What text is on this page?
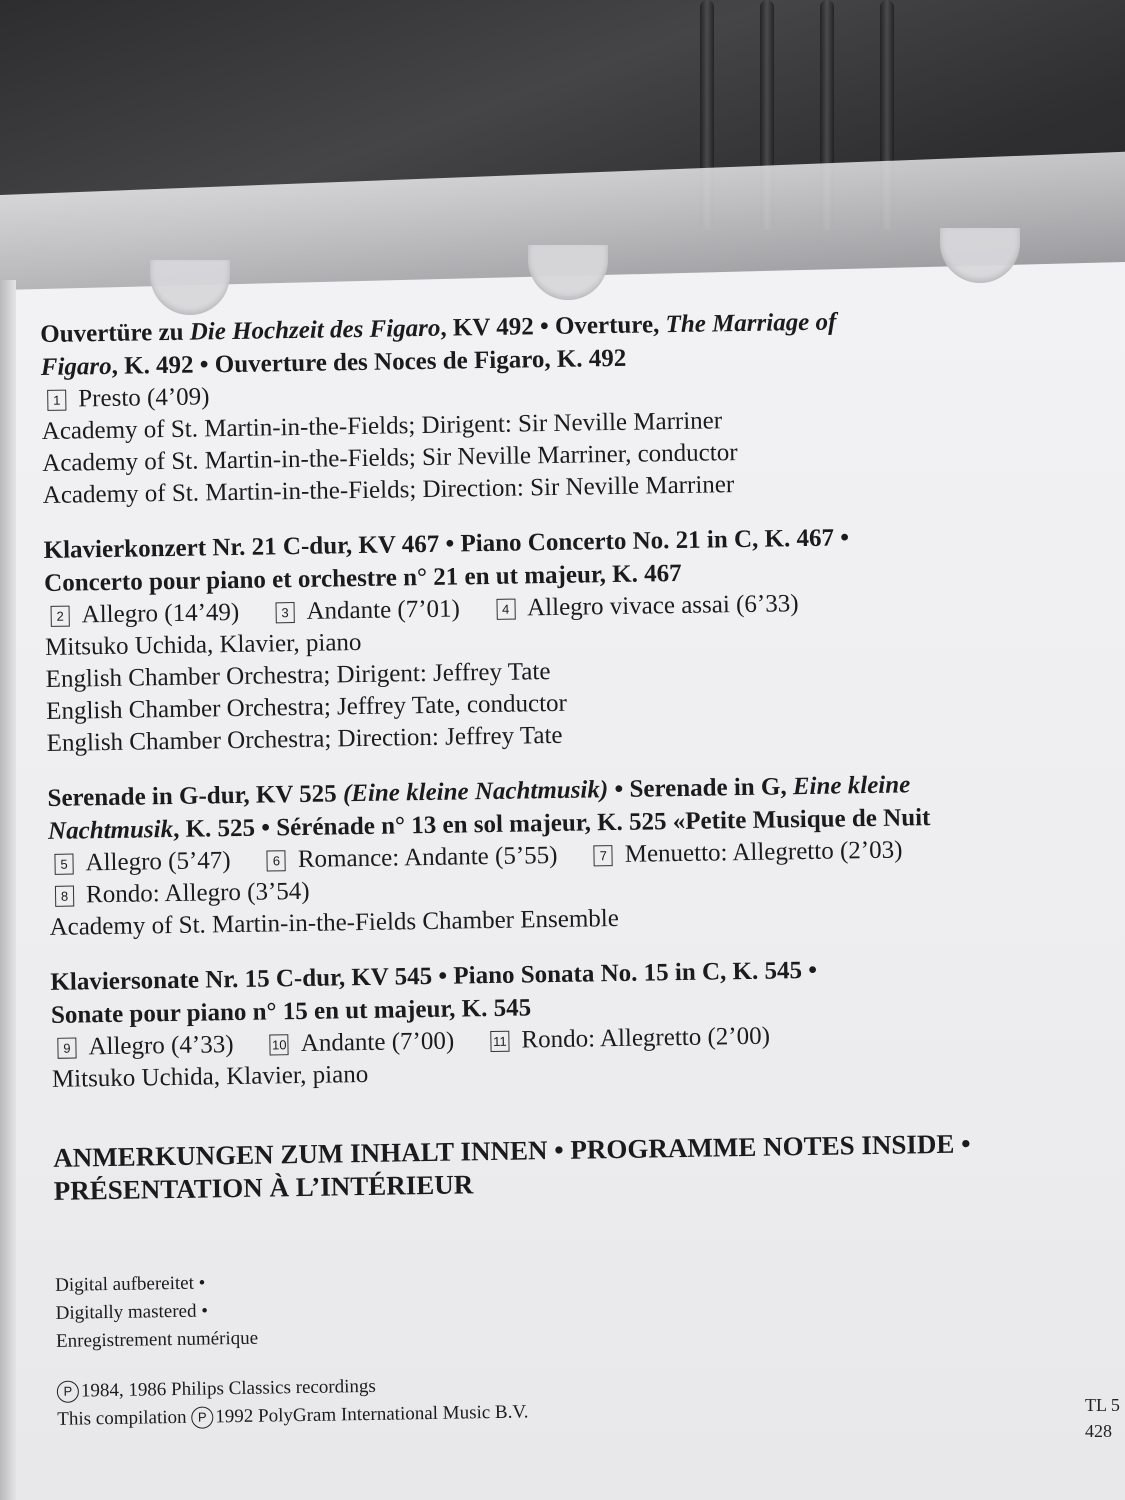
Ouvertüre zu Die Hochzeit des Figaro, KV 492 • Overture, The Marriage of
Figaro, K. 492 • Ouverture des Noces de Figaro, K. 492
1 Presto (4’09)
Academy of St. Martin-in-the-Fields; Dirigent: Sir Neville Marriner
Academy of St. Martin-in-the-Fields; Sir Neville Marriner, conductor
Academy of St. Martin-in-the-Fields; Direction: Sir Neville Marriner
Klavierkonzert Nr. 21 C-dur, KV 467 • Piano Concerto No. 21 in C, K. 467 •
Concerto pour piano et orchestre n° 21 en ut majeur, K. 467
2 Allegro (14’49)	3 Andante (7’01)	4 Allegro vivace assai (6’33)
Mitsuko Uchida, Klavier, piano
English Chamber Orchestra; Dirigent: Jeffrey Tate
English Chamber Orchestra; Jeffrey Tate, conductor
English Chamber Orchestra; Direction: Jeffrey Tate
Serenade in G-dur, KV 525 (Eine kleine Nachtmusik) • Serenade in G, Eine kleine
Nachtmusik, K. 525 • Sérénade n° 13 en sol majeur, K. 525 «Petite Musique de Nuit
5 Allegro (5’47)	6 Romance: Andante (5’55)	7 Menuetto: Allegretto (2’03)
8 Rondo: Allegro (3’54)
Academy of St. Martin-in-the-Fields Chamber Ensemble
Klaviersonate Nr. 15 C-dur, KV 545 • Piano Sonata No. 15 in C, K. 545 •
Sonate pour piano n° 15 en ut majeur, K. 545
9 Allegro (4’33)	10 Andante (7’00)	11 Rondo: Allegretto (2’00)
Mitsuko Uchida, Klavier, piano
ANMERKUNGEN ZUM INHALT INNEN • PROGRAMME NOTES INSIDE •
PRÉSENTATION À L’INTÉRIEUR
Digital aufbereitet •
Digitally mastered •
Enregistrement numérique
P 1984, 1986 Philips Classics recordings
This compilation P 1992 PolyGram International Music B.V.	TL 5
428
